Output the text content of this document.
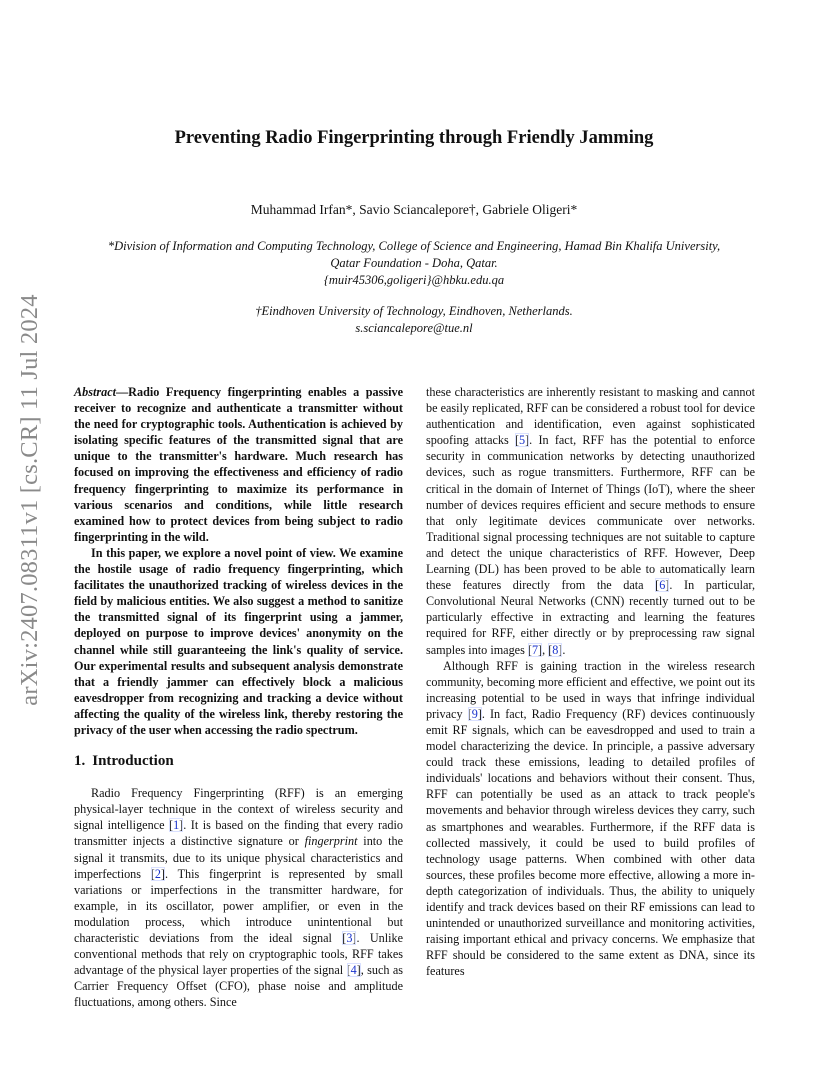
arXiv:2407.08311v1 [cs.CR] 11 Jul 2024
Preventing Radio Fingerprinting through Friendly Jamming
Muhammad Irfan*, Savio Sciancalepore†, Gabriele Oligeri*
*Division of Information and Computing Technology, College of Science and Engineering, Hamad Bin Khalifa University,
Qatar Foundation - Doha, Qatar.
{muir45306,goligeri}@hbku.edu.qa
†Eindhoven University of Technology, Eindhoven, Netherlands.
s.sciancalepore@tue.nl

Abstract—Radio Frequency fingerprinting enables a passive receiver to recognize and authenticate a transmitter without the need for cryptographic tools. Authentication is achieved by isolating specific features of the transmitted signal that are unique to the transmitter's hardware. Much research has focused on improving the effectiveness and efficiency of radio frequency fingerprinting to maximize its performance in various scenarios and conditions, while little research examined how to protect devices from being subject to radio fingerprinting in the wild.

In this paper, we explore a novel point of view. We examine the hostile usage of radio frequency fingerprinting, which facilitates the unauthorized tracking of wireless devices in the field by malicious entities. We also suggest a method to sanitize the transmitted signal of its fingerprint using a jammer, deployed on purpose to improve devices' anonymity on the channel while still guaranteeing the link's quality of service. Our experimental results and subsequent analysis demonstrate that a friendly jammer can effectively block a malicious eavesdropper from recognizing and tracking a device without affecting the quality of the wireless link, thereby restoring the privacy of the user when accessing the radio spectrum.

1. Introduction

Radio Frequency Fingerprinting (RFF) is an emerging physical-layer technique in the context of wireless security and signal intelligence [ 1 ] . It is based on the finding that every radio transmitter injects a distinctive signature or fingerprint into the signal it transmits, due to its unique physical characteristics and imperfections [ 2 ] . This fingerprint is represented by small variations or imperfections in the transmitter hardware, for example, in its oscillator, power amplifier, or even in the modulation process, which introduce unintentional but characteristic deviations from the ideal signal [ 3 ] . Unlike conventional methods that rely on cryptographic tools, RFF takes advantage of the physical layer properties of the signal [ 4 ] , such as Carrier Frequency Offset (CFO), phase noise and amplitude fluctuations, among others. Since

these characteristics are inherently resistant to masking and cannot be easily replicated, RFF can be considered a robust tool for device authentication and identification, even against sophisticated spoofing attacks [ 5 ] . In fact, RFF has the potential to enforce security in communication networks by detecting unauthorized devices, such as rogue transmitters. Furthermore, RFF can be critical in the domain of Internet of Things (IoT), where the sheer number of devices requires efficient and secure methods to ensure that only legitimate devices communicate over networks. Traditional signal processing techniques are not suitable to capture and detect the unique characteristics of RFF. However, Deep Learning (DL) has been proved to be able to automatically learn these features directly from the data [ 6 ] . In particular, Convolutional Neural Networks (CNN) recently turned out to be particularly effective in extracting and learning the features required for RFF, either directly or by preprocessing raw signal samples into images [ 7 ] , [ 8 ] .

Although RFF is gaining traction in the wireless research community, becoming more efficient and effective, we point out its increasing potential to be used in ways that infringe individual privacy [ 9 ] . In fact, Radio Frequency (RF) devices continuously emit RF signals, which can be eavesdropped and used to train a model characterizing the device. In principle, a passive adversary could track these emissions, leading to detailed profiles of individuals' locations and behaviors without their consent. Thus, RFF can potentially be used as an attack to track people's movements and behavior through wireless devices they carry, such as smartphones and wearables. Furthermore, if the RFF data is collected massively, it could be used to build profiles of technology usage patterns. When combined with other data sources, these profiles become more effective, allowing a more in-depth categorization of individuals. Thus, the ability to uniquely identify and track devices based on their RF emissions can lead to unintended or unauthorized surveillance and monitoring activities, raising important ethical and privacy concerns. We emphasize that RFF should be considered to the same extent as DNA, since its features
